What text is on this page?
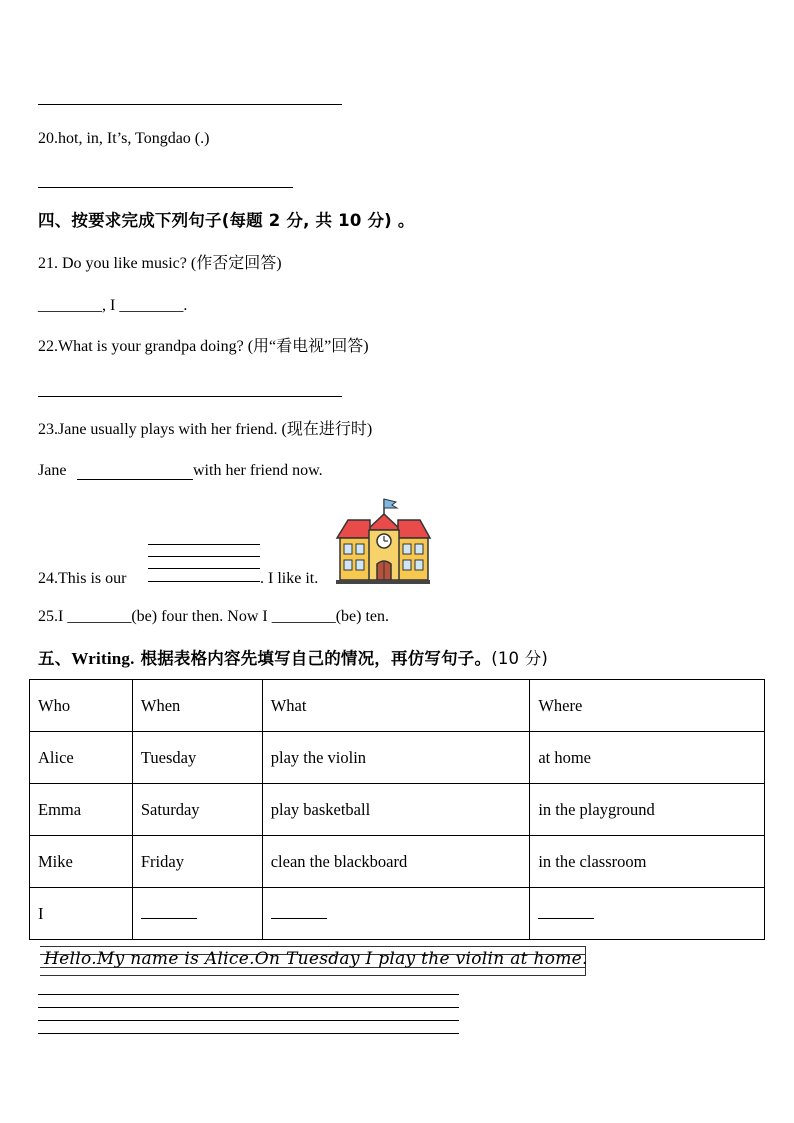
20.hot, in, It’s, Tongdao (.)
四、按要求完成下列句子(每题 2 分, 共 10 分) 。
21. Do you like music? (作否定回答)
________, I ________.
22.What is your grandpa doing? (用“看电视”回答)
23.Jane usually plays with her friend. (现在进行时)
Jane	with her friend now.
24.This is our	. I like it.
25.I ________(be) four then. Now I ________(be) ten.
五、Writing. 根据表格内容先填写自己的情况，再仿写句子。(10 分)
Who	When	What	Where
Alice	Tuesday	play the violin	at home
Emma	Saturday	play basketball	in the playground
Mike	Friday	clean the blackboard	in the classroom
I			
Hello.My name is Alice.On Tuesday I play the violin at home.
